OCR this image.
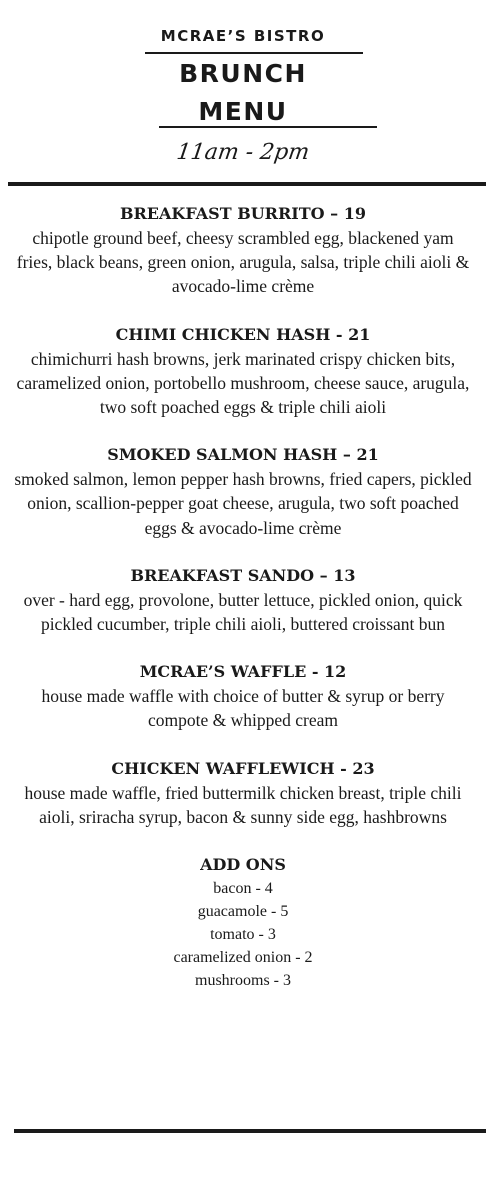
MCRAE’S BISTRO
BRUNCH
MENU
11am - 2pm
BREAKFAST BURRITO – 19
chipotle ground beef, cheesy scrambled egg, blackened yam fries, black beans, green onion, arugula, salsa, triple chili aioli & avocado-lime crème
CHIMI CHICKEN HASH - 21
chimichurri hash browns, jerk marinated crispy chicken bits, caramelized onion, portobello mushroom, cheese sauce, arugula, two soft poached eggs & triple chili aioli
SMOKED SALMON HASH – 21
smoked salmon, lemon pepper hash browns, fried capers, pickled onion, scallion-pepper goat cheese, arugula, two soft poached eggs & avocado-lime crème
BREAKFAST SANDO – 13
over - hard egg, provolone, butter lettuce, pickled onion, quick pickled cucumber, triple chili aioli, buttered croissant bun
MCRAE’S WAFFLE - 12
house made waffle with choice of butter & syrup or berry compote & whipped cream
CHICKEN WAFFLEWICH - 23
house made waffle, fried buttermilk chicken breast, triple chili aioli, sriracha syrup, bacon & sunny side egg, hashbrowns
ADD ONS
bacon - 4
guacamole - 5
tomato - 3
caramelized onion - 2
mushrooms - 3
